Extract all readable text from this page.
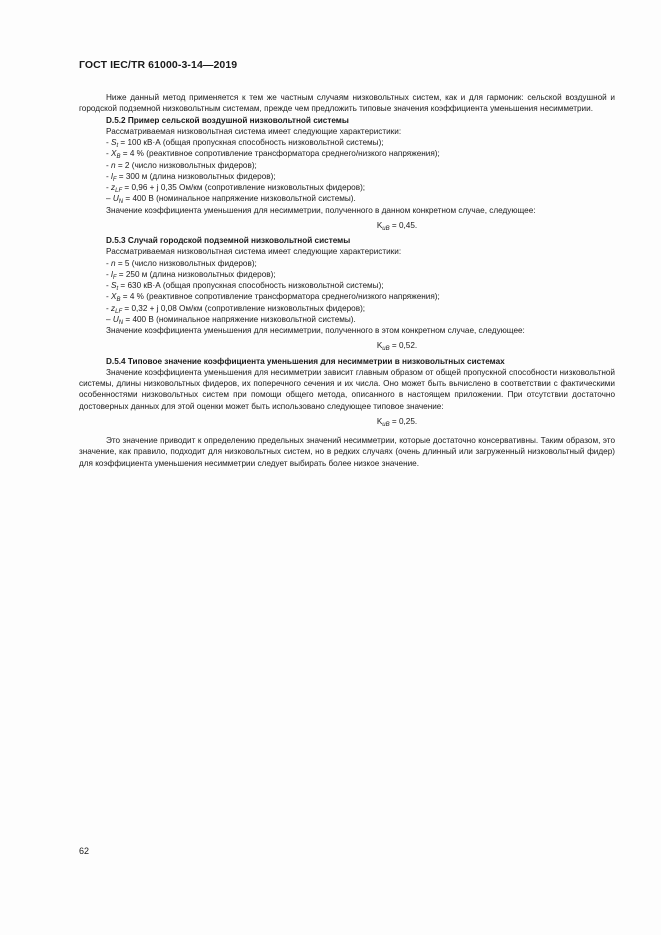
ГОСТ IEC/TR 61000-3-14—2019

Ниже данный метод применяется к тем же частным случаям низковольтных систем, как и для гармоник: сельской воздушной и городской подземной низковольтным системам, прежде чем предложить типовые значения коэффициента уменьшения несимметрии.

D.5.2 Пример сельской воздушной низковольтной системы

Рассматриваемая низковольтная система имеет следующие характеристики:

- $S_t = 100$ кВ·А (общая пропускная способность низковольтной системы);

- $X_B = 4$ % (реактивное сопротивление трансформатора среднего/низкого напряжения);

- n = 2 (число низковольтных фидеров);

- $l_F = 300$ м (длина низковольтных фидеров);

- $z_{LF} = 0,96 + j$ 0,35 Ом/км (сопротивление низковольтных фидеров);

– $U_N = 400$ В (номинальное напряжение низковольтной системы).

Значение коэффициента уменьшения для несимметрии, полученного в данном конкретном случае, следующее:

$K_{uB} = 0,45$.

D.5.3 Случай городской подземной низковольтной системы

Рассматриваемая низковольтная система имеет следующие характеристики:

- n = 5 (число низковольтных фидеров);

- $l_F = 250$ м (длина низковольтных фидеров);

- $S_t = 630$ кВ·А (общая пропускная способность низковольтной системы);

- $X_B = 4$ % (реактивное сопротивление трансформатора среднего/низкого напряжения);

- $z_{LF} = 0,32 + j$ 0,08 Ом/км (сопротивление низковольтных фидеров);

– $U_N = 400$ В (номинальное напряжение низковольтной системы).

Значение коэффициента уменьшения для несимметрии, полученного в этом конкретном случае, следующее:

$K_{uB} = 0,52$.

D.5.4 Типовое значение коэффициента уменьшения для несимметрии в низковольтных системах

Значение коэффициента уменьшения для несимметрии зависит главным образом от общей пропускной способности низковольтной системы, длины низковольтных фидеров, их поперечного сечения и их числа. Оно может быть вычислено в соответствии с фактическими особенностями низковольтных систем при помощи общего метода, описанного в настоящем приложении. При отсутствии достаточно достоверных данных для этой оценки может быть использовано следующее типовое значение:

$K_{uB} = 0,25$.

Это значение приводит к определению предельных значений несимметрии, которые достаточно консервативны. Таким образом, это значение, как правило, подходит для низковольтных систем, но в редких случаях (очень длинный или загруженный низковольтный фидер) для коэффициента уменьшения несимметрии следует выбирать более низкое значение.

62
